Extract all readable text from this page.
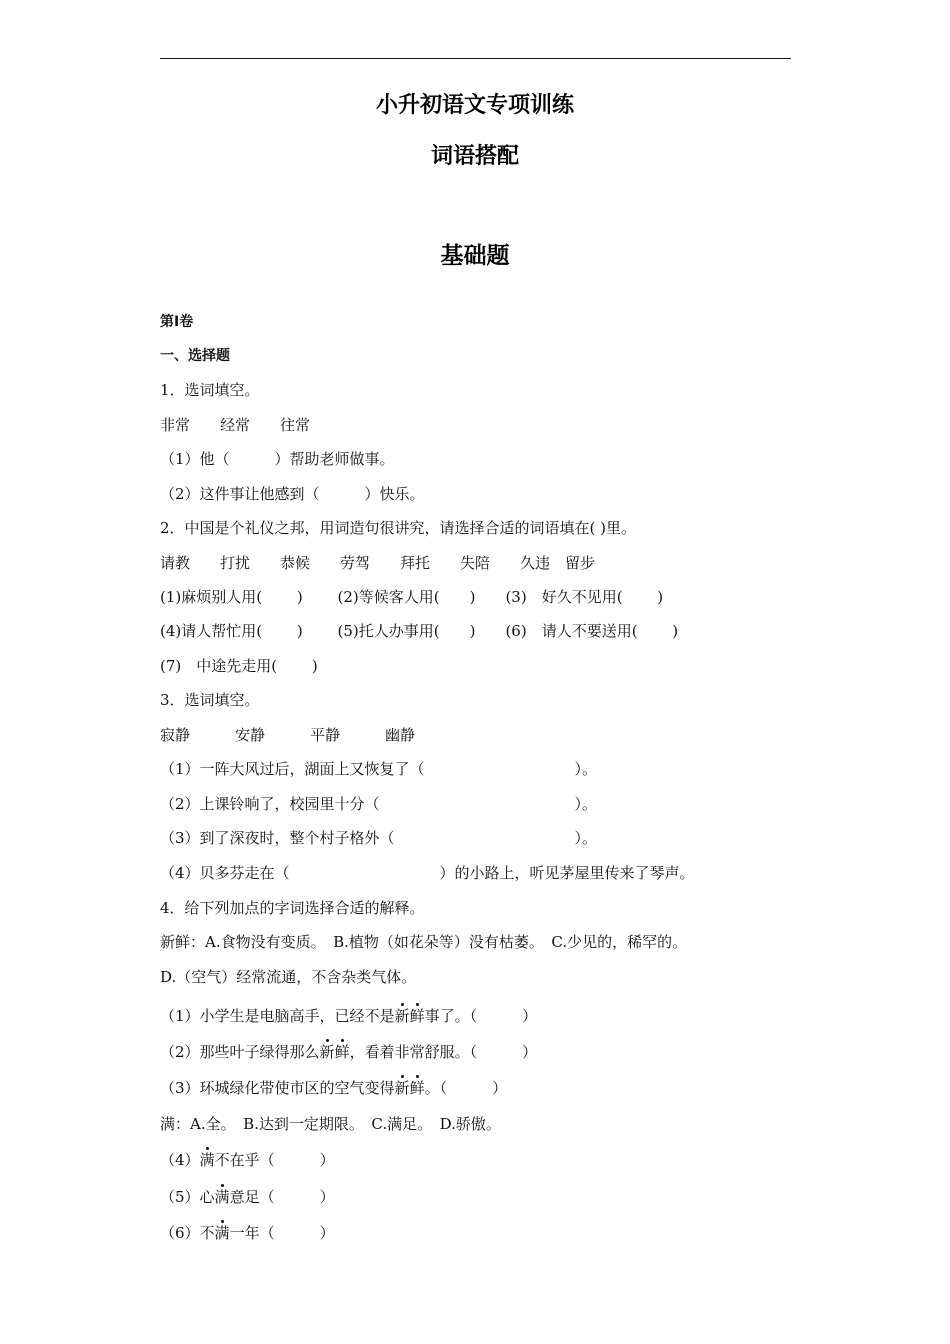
小升初语文专项训练
词语搭配
基础题
第I卷
一、选择题
1．选词填空。
非常　　经常　　往常
（1）他（　　　）帮助老师做事。
（2）这件事让他感到（　　　）快乐。
2．中国是个礼仪之邦，用词造句很讲究，请选择合适的词语填在( )里。
请教　　打扰　　恭候　　劳驾　　拜托　　失陪　　久违　留步
(1)麻烦别人用(　　 )　　 (2)等候客人用(　　)　　(3)　好久不见用(　　 )
(4)请人帮忙用(　　 )　　 (5)托人办事用(　　)　　(6)　请人不要送用(　　 )
(7)　中途先走用(　　 )
3．选词填空。
寂静　　　安静　　　平静　　　幽静
（1）一阵大风过后，湖面上又恢复了（　　　　　　　　　　）。
（2）上课铃响了，校园里十分（　　　　　　　　　　　　　）。
（3）到了深夜时，整个村子格外（　　　　　　　　　　　　）。
（4）贝多芬走在（　　　　　　　　　　）的小路上，听见茅屋里传来了琴声。
4．给下列加点的字词选择合适的解释。
新鲜：A.食物没有变质。　B.植物（如花朵等）没有枯萎。　C.少见的，稀罕的。
D.（空气）经常流通，不含杂类气体。
（1）小学生是电脑高手，已经不是新鲜事了。（　　　）
（2）那些叶子绿得那么新鲜，看着非常舒服。（　　　）
（3）环城绿化带使市区的空气变得新鲜。（　　　）
满：A.全。　B.达到一定期限。　C.满足。　D.骄傲。
（4）满不在乎（　　　）
（5）心满意足（　　　）
（6）不满一年（　　　）
